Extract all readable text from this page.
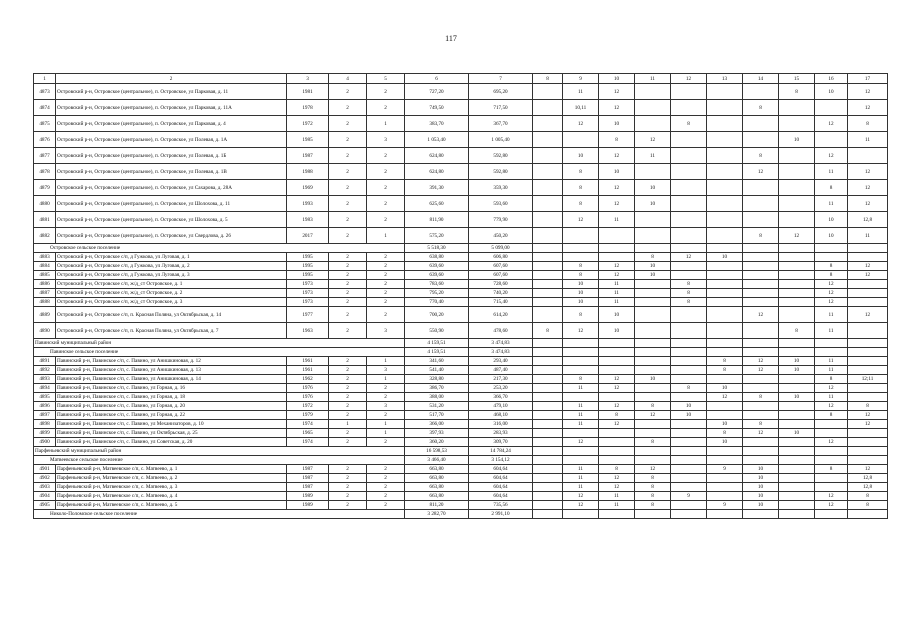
117
1	2	3	4	5	6	7	8	9	10	11	12	13	14	15	16	17
4873	Островский р-н, Островское (центральное), п. Островское, ул Парковая, д. 11	1981	2	2	727,20	695,20		11	12					8	10	12
4874	Островский р-н, Островское (центральное), п. Островское, ул Парковая, д. 11А	1978	2	2	749,50	717,50		10,11	12				8			12
4875	Островский р-н, Островское (центральное), п. Островское, ул Парковая, д. 4	1972	2	1	383,70	367,70		12	10		8				12	8
4876	Островский р-н, Островское (центральное), п. Островское, ул Полевая, д. 1А	1985	2	3	1 053,40	1 005,40			8	12				10		11
4877	Островский р-н, Островское (центральное), п. Островское, ул Полевая, д. 1Б	1987	2	2	624,80	592,80		10	12	11			8		12	
4878	Островский р-н, Островское (центральное), п. Островское, ул Полевая, д. 1В	1988	2	2	624,80	592,80		8	10				12		11	12
4879	Островский р-н, Островское (центральное), п. Островское, ул Сахарова, д. 28А	1969	2	2	391,30	359,30		8	12	10					8	12
4880	Островский р-н, Островское (центральное), п. Островское, ул Шолохова, д. 11	1993	2	2	625,60	593,60		8	12	10					11	12
4881	Островский р-н, Островское (центральное), п. Островское, ул Шолохова, д. 5	1983	2	2	811,90	779,90		12	11						10	12,8
4882	Островский р-н, Островское (центральное), п. Островское, ул Свердлова, д. 26	2017	2	1	575,20	450,20							8	12	10	11
Островское сельское поселение					5 518,30	5 099,00										
4883	Островский р-н, Островское с/п, д Гужкова, ул Луговая, д. 1	1995	2	2	638,80	606,80				8	12	10				
4884	Островский р-н, Островское с/п, д Гужкова, ул Луговая, д. 2	1995	2	2	639,60	607,60		8	12	10					8	12
4885	Островский р-н, Островское с/п, д Гужкова, ул Луговая, д. 3	1995	2	2	639,60	607,60		8	12	10					8	12
4886	Островский р-н, Островское с/п, ж/д_ст Островское, д. 1	1973	2	2	783,60	728,60		10	11		8				12	
4887	Островский р-н, Островское с/п, ж/д_ст Островское, д. 2	1973	2	2	795,20	740,20		10	11		8				12	
4888	Островский р-н, Островское с/п, ж/д_ст Островское, д. 3	1973	2	2	770,40	715,40		10	11		8				12	
4889	Островский р-н, Островское с/п, п. Красная Поляна, ул Октябрьская, д. 14	1977	2	2	700,20	614,20		8	10				12		11	12
4890	Островский р-н, Островское с/п, п. Красная Поляна, ул Октябрьская, д. 7	1963	2	3	550,90	478,60	8	12	10					8	11	
Павинский муниципальный район					4 159,51	3 474,83										
Павинское сельское поселение					4 159,51	3 474,83										
4891	Павинский р-н, Павинское с/п, с. Павино, ул Анишкиновая, д. 12	1961	2	1	341,60	293,40						8	12	10	11	
4892	Павинский р-н, Павинское с/п, с. Павино, ул Анишкиновая, д. 13	1961	2	3	541,40	487,40						8	12	10	11	
4893	Павинский р-н, Павинское с/п, с. Павино, ул Анишкиновая, д. 14	1962	2	1	328,80	217,30		8	12	10					8	12;11
4894	Павинский р-н, Павинское с/п, с. Павино, ул Горная, д. 16	1976	2	2	386,70	253,20		11	12		8	10			12	
4895	Павинский р-н, Павинское с/п, с. Павино, ул Горная, д. 18	1976	2	2	388,00	366,70						12	8	10	11	
4896	Павинский р-н, Павинское с/п, с. Павино, ул Горная, д. 20	1972	2	3	531,20	479,10		11	12	8	10				12	8
4897	Павинский р-н, Павинское с/п, с. Павино, ул Горная, д. 22	1979	2	2	517,70	468,10		11	8	12	10				8	12
4898	Павинский р-н, Павинское с/п, с. Павино, ул Механизаторов, д. 10	1974	1	1	366,00	316,00		11	12			10	8			12
4899	Павинский р-н, Павинское с/п, с. Павино, ул Октябрьская, д. 25	1965	2	1	397,93	283,93						8	12	10		
4900	Павинский р-н, Павинское с/п, с. Павино, ул Советская, д. 20	1974	2	2	360,20	309,70		12		8		10			12	
Парфеньевский муниципальный район					16 598,53	14 784,24										
Матвеевское сельское поселение					3 466,40	3 154,12										
4901	Парфеньевский р-н, Матвеевское с/п, с. Матвеево, д. 1	1987	2	2	663,80	604,64		11	8	12		9	10		8	12
4902	Парфеньевский р-н, Матвеевское с/п, с. Матвеево, д. 2	1987	2	2	663,80	604,64		11	12	8			10			12,8
4903	Парфеньевский р-н, Матвеевское с/п, с. Матвеево, д. 3	1987	2	2	663,80	604,64		11	12	8			10			12,8
4904	Парфеньевский р-н, Матвеевское с/п, с. Матвеево, д. 4	1989	2	2	663,80	604,64		12	11	8	9		10		12	8
4905	Парфеньевский р-н, Матвеевское с/п, с. Матвеево, д. 5	1989	2	2	811,20	735,56		12	11	8		9	10		12	8
Николо-Поломское сельское поселение					3 282,70	2 991,10										
